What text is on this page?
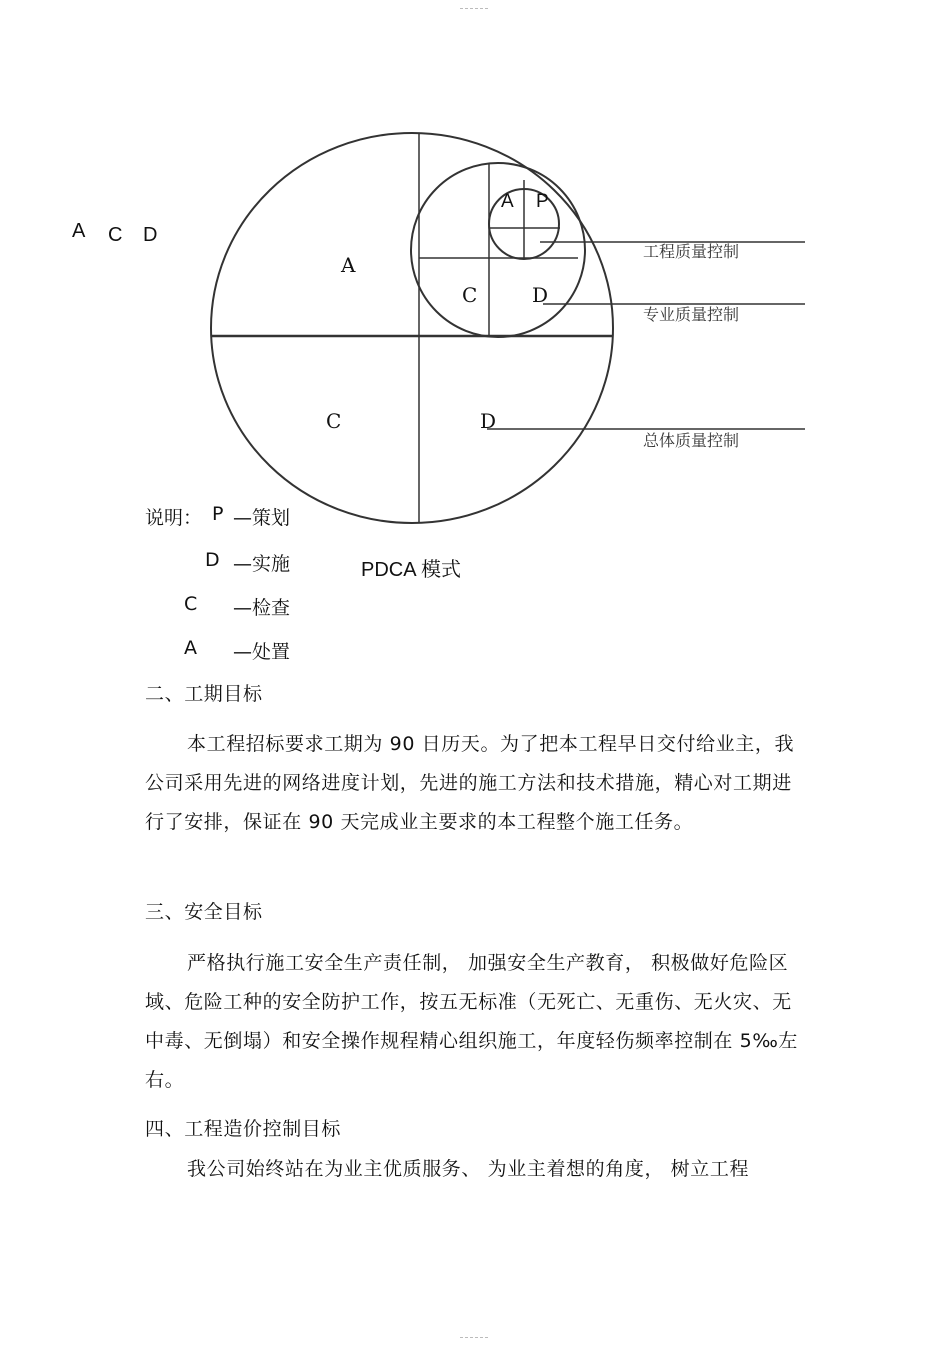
A C D
A
C	D
C	D
A P
工程质量控制
专业质量控制
总体质量控制
说明： P —策划
D —实施	PDCA 模式
C —检查
A —处置
二、工期目标

本工程招标要求工期为 90 日历天。为了把本工程早日交付给业主，我公司采用先进的网络进度计划，先进的施工方法和技术措施，精心对工期进行了安排，保证在 90 天完成业主要求的本工程整个施工任务。

三、安全目标

严格执行施工安全生产责任制， 加强安全生产教育， 积极做好危险区域、危险工种的安全防护工作，按五无标准（无死亡、无重伤、无火灾、无中毒、无倒塌）和安全操作规程精心组织施工，年度轻伤频率控制在 5‰左右。

四、工程造价控制目标

我公司始终站在为业主优质服务、 为业主着想的角度， 树立工程
